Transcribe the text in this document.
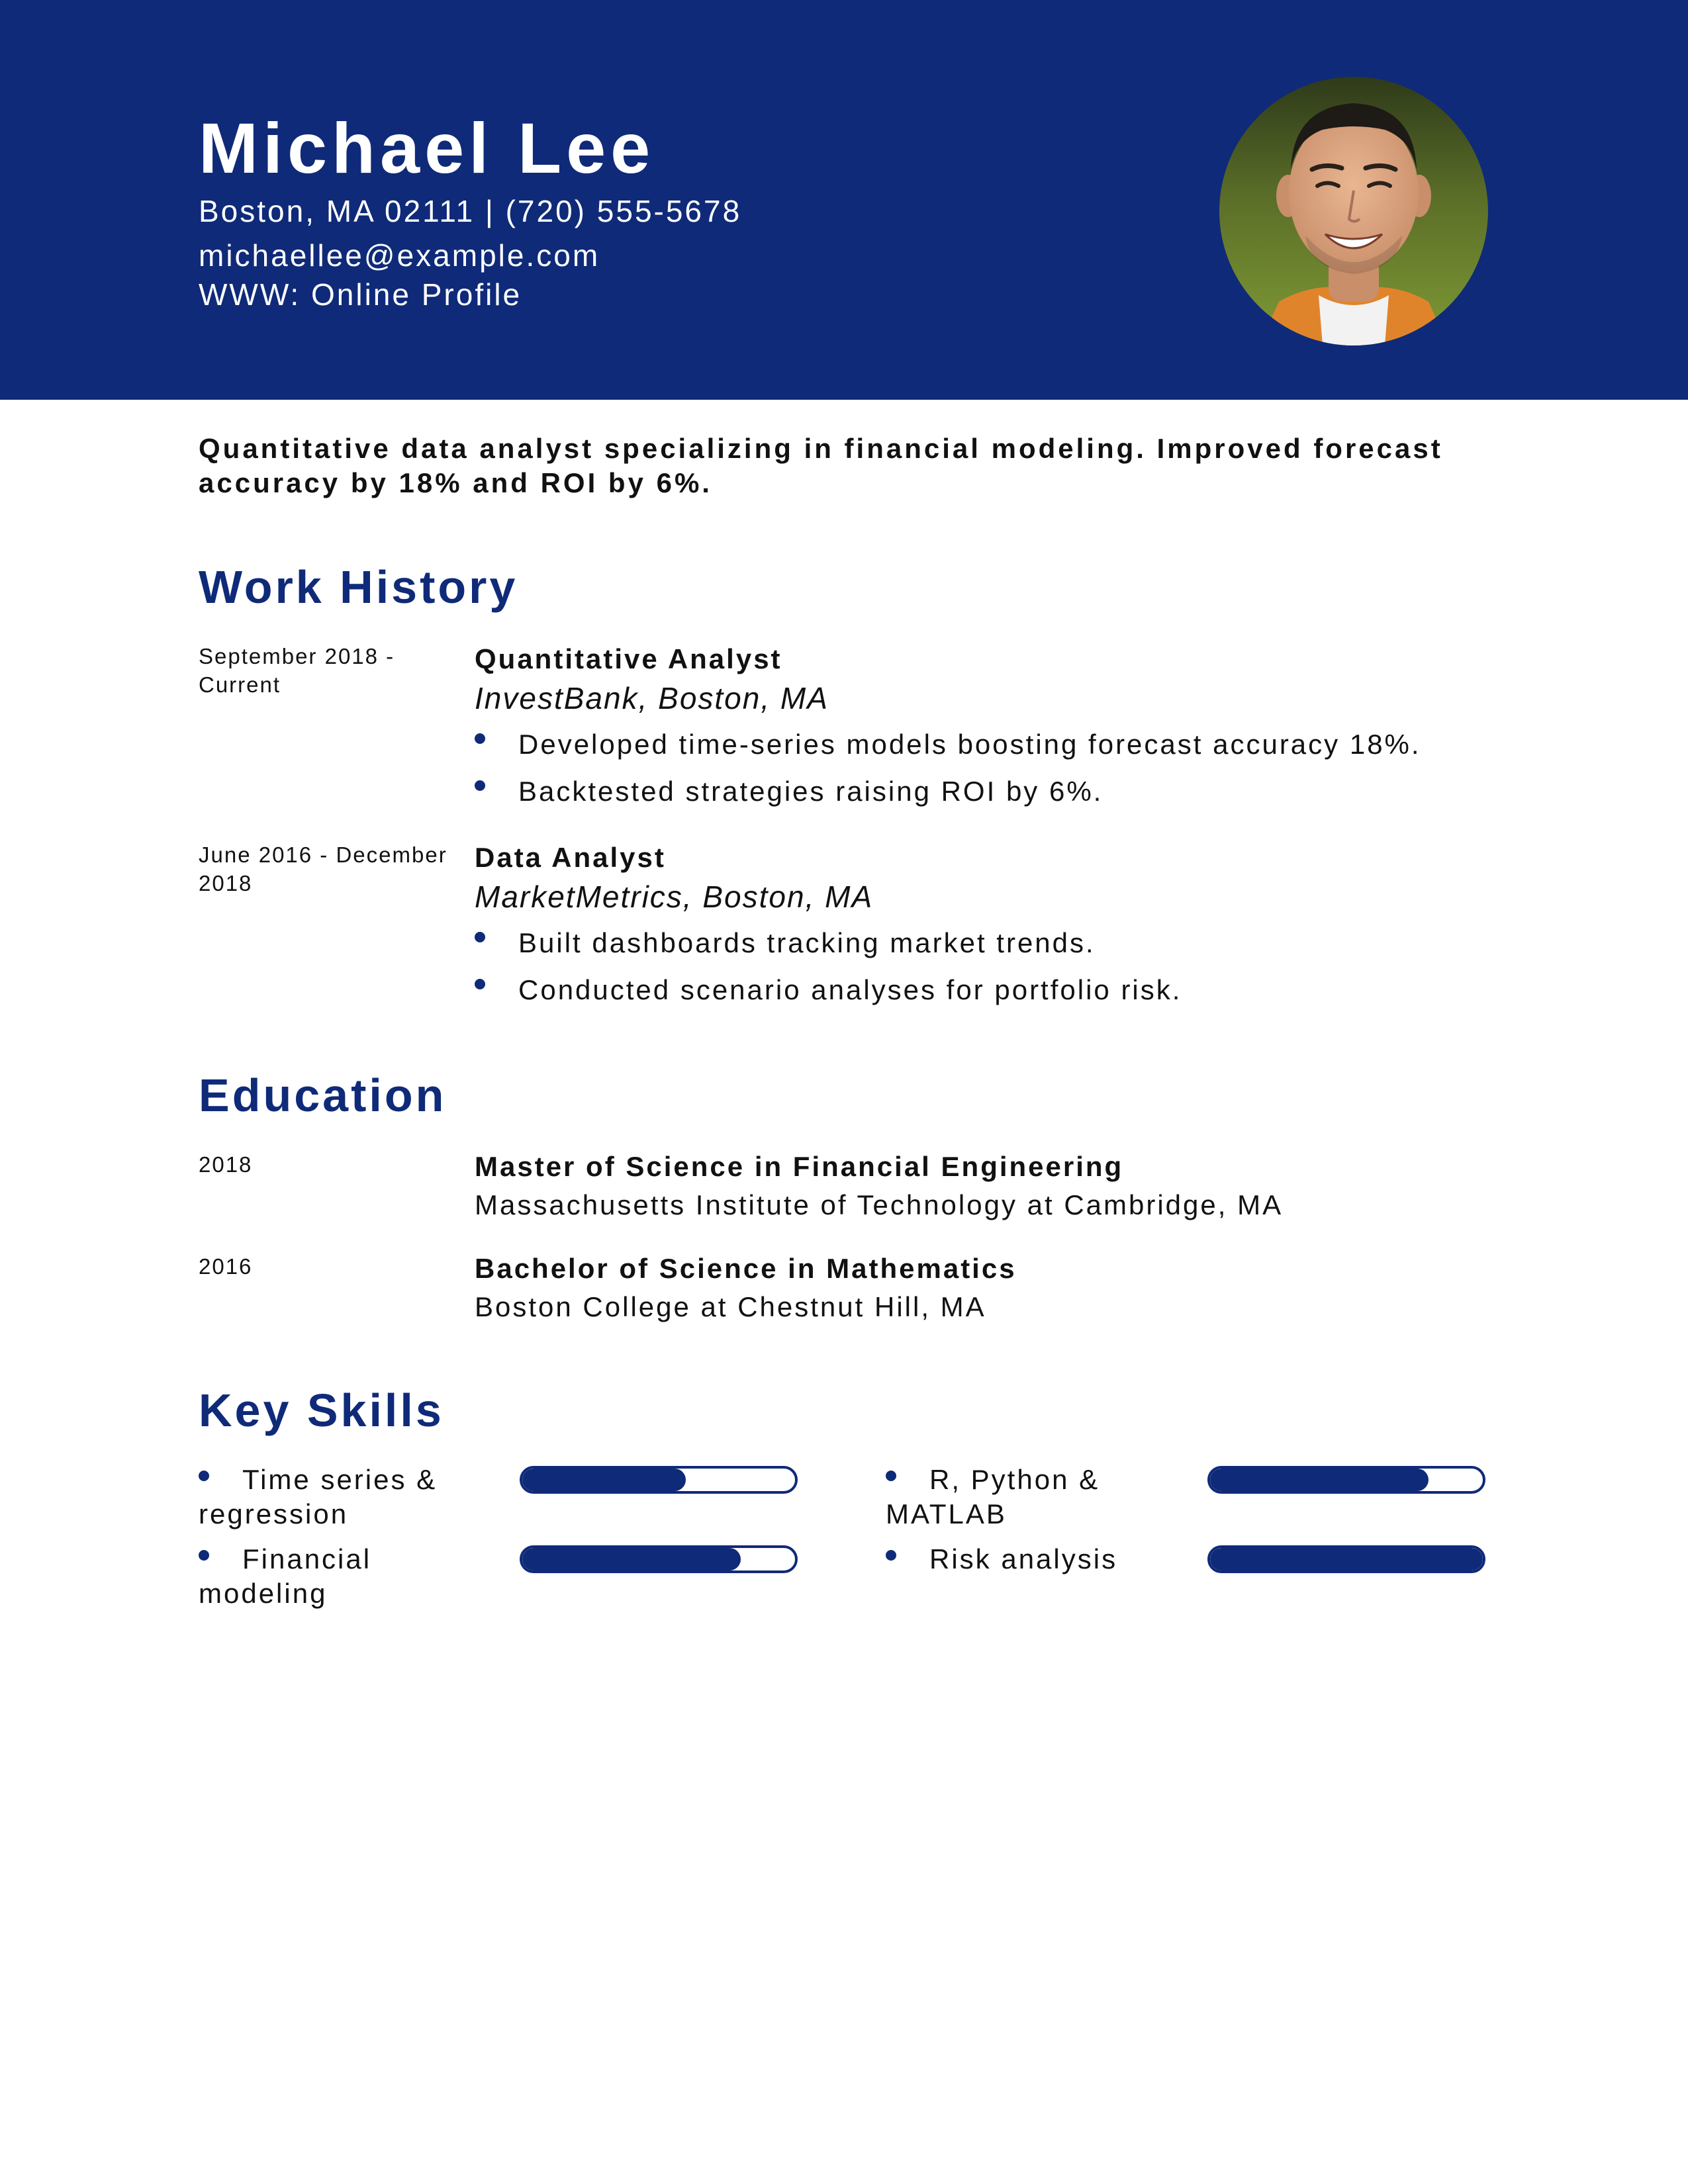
Michael Lee
Boston, MA 02111 | (720) 555-5678
michaellee@example.com
WWW: Online Profile
Quantitative data analyst specializing in financial modeling. Improved forecast accuracy by 18% and ROI by 6%.
Work History
September 2018 - Current
Quantitative Analyst
InvestBank, Boston, MA
Developed time-series models boosting forecast accuracy 18%.
Backtested strategies raising ROI by 6%.
June 2016 - December 2018
Data Analyst
MarketMetrics, Boston, MA
Built dashboards tracking market trends.
Conducted scenario analyses for portfolio risk.
Education
2018	Master of Science in Financial Engineering
Massachusetts Institute of Technology at Cambridge, MA
2016	Bachelor of Science in Mathematics
Boston College at Chestnut Hill, MA
Key Skills
Time series & regression
R, Python & MATLAB
Financial modeling
Risk analysis
